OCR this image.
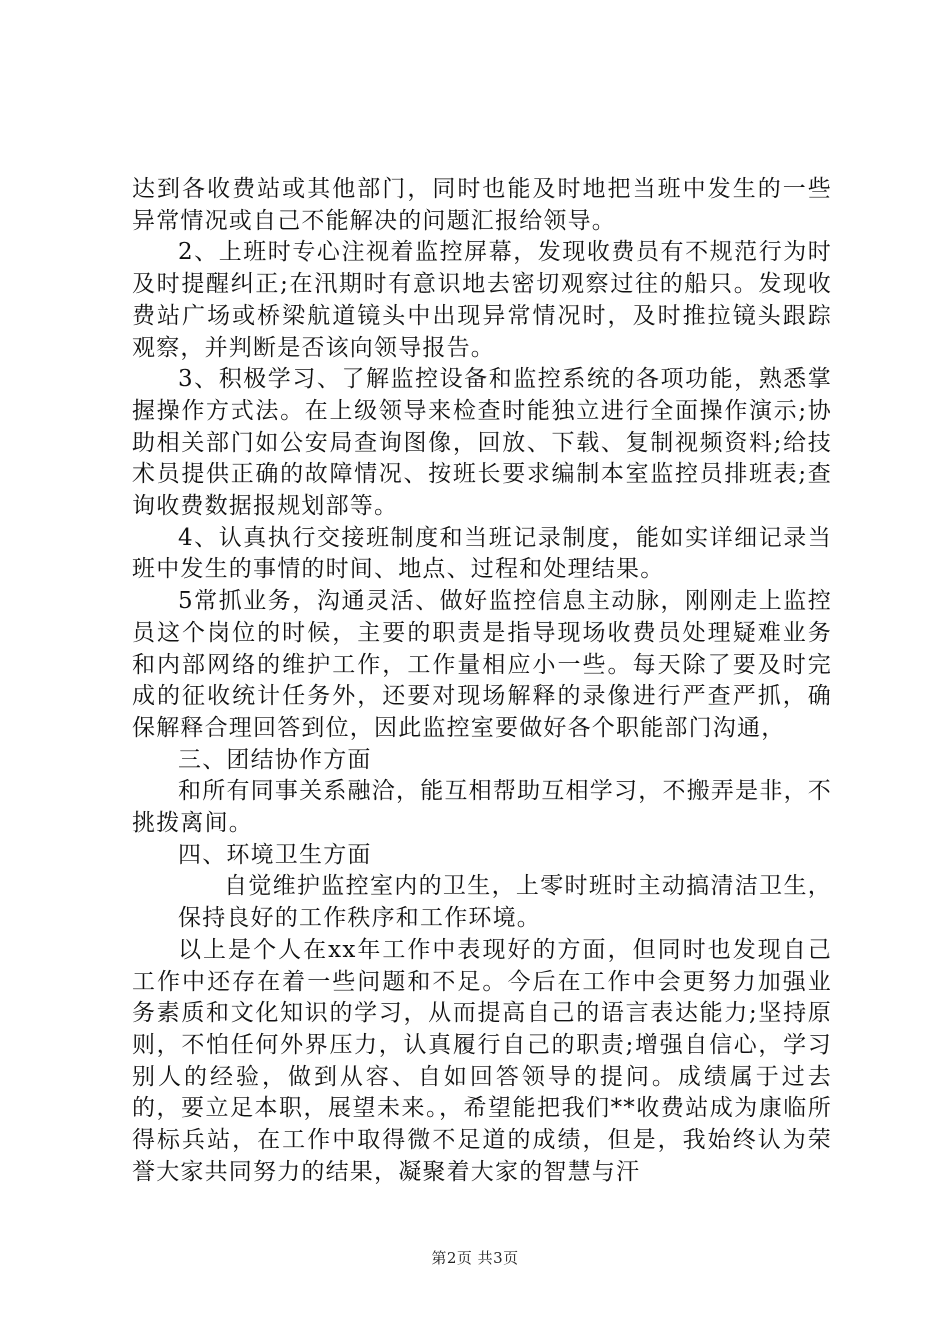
达到各收费站或其他部门，同时也能及时地把当班中发生的一些异常情况或自己不能解决的问题汇报给领导。

2、上班时专心注视着监控屏幕，发现收费员有不规范行为时及时提醒纠正;在汛期时有意识地去密切观察过往的船只。发现收费站广场或桥梁航道镜头中出现异常情况时，及时推拉镜头跟踪观察，并判断是否该向领导报告。

3、积极学习、了解监控设备和监控系统的各项功能，熟悉掌握操作方式法。在上级领导来检查时能独立进行全面操作演示;协助相关部门如公安局查询图像，回放、下载、复制视频资料;给技术员提供正确的故障情况、按班长要求编制本室监控员排班表;查询收费数据报规划部等。

4、认真执行交接班制度和当班记录制度，能如实详细记录当班中发生的事情的时间、地点、过程和处理结果。

5常抓业务，沟通灵活、做好监控信息主动脉，刚刚走上监控员这个岗位的时候，主要的职责是指导现场收费员处理疑难业务和内部网络的维护工作，工作量相应小一些。每天除了要及时完成的征收统计任务外，还要对现场解释的录像进行严查严抓，确保解释合理回答到位，因此监控室要做好各个职能部门沟通，

三、团结协作方面

和所有同事关系融洽，能互相帮助互相学习，不搬弄是非，不挑拨离间。

四、环境卫生方面

自觉维护监控室内的卫生，上零时班时主动搞清洁卫生，保持良好的工作秩序和工作环境。

以上是个人在xx年工作中表现好的方面，但同时也发现自己工作中还存在着一些问题和不足。今后在工作中会更努力加强业务素质和文化知识的学习，从而提高自己的语言表达能力;坚持原则，不怕任何外界压力，认真履行自己的职责;增强自信心，学习别人的经验，做到从容、自如回答领导的提问。成绩属于过去的，要立足本职，展望未来。，希望能把我们**收费站成为康临所得标兵站，在工作中取得微不足道的成绩，但是，我始终认为荣誉大家共同努力的结果，凝聚着大家的智慧与汗

第2页 共3页
